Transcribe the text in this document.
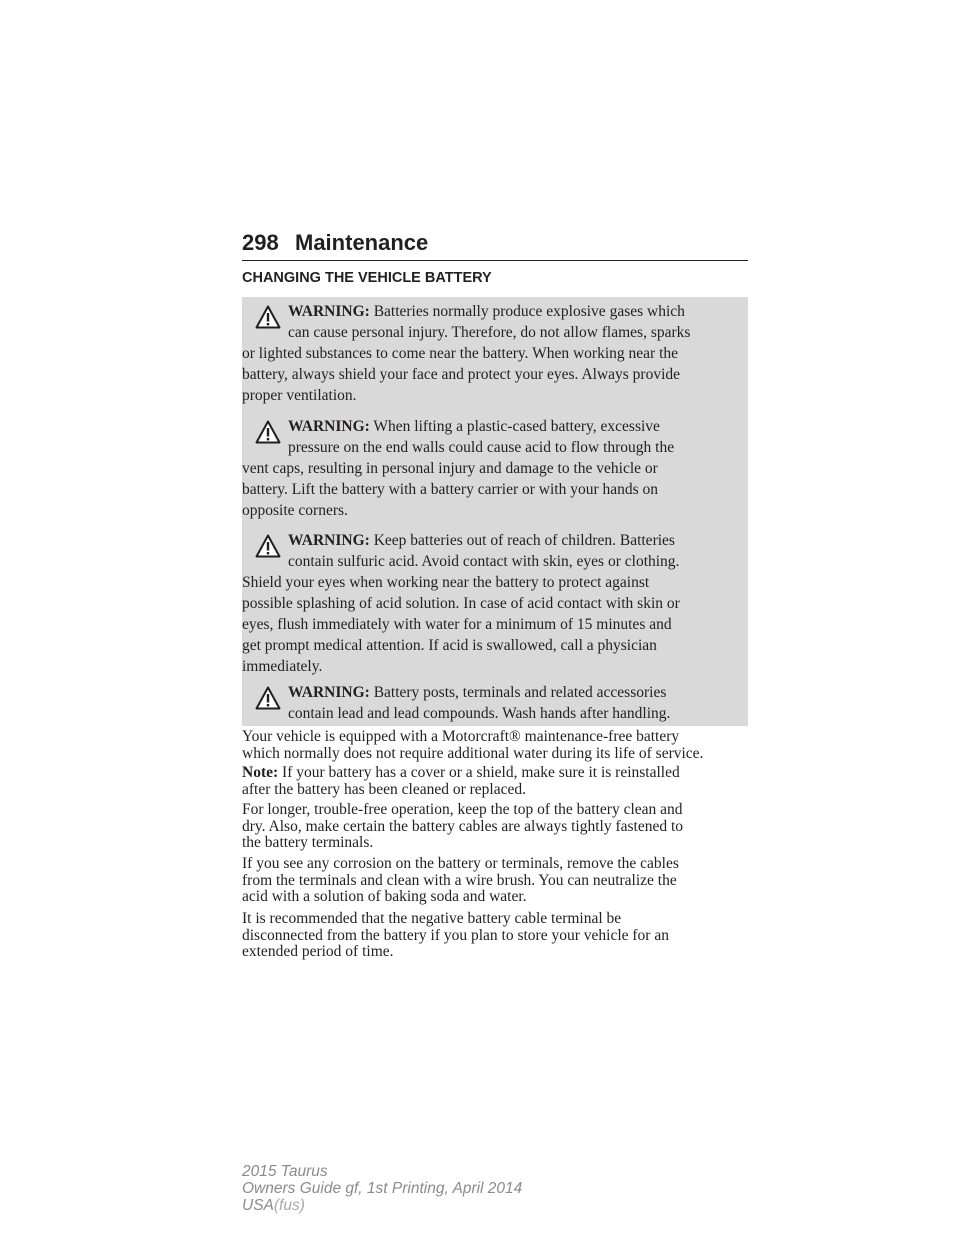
298 Maintenance
CHANGING THE VEHICLE BATTERY
WARNING: Batteries normally produce explosive gases which
can cause personal injury. Therefore, do not allow flames, sparks
or lighted substances to come near the battery. When working near the
battery, always shield your face and protect your eyes. Always provide
proper ventilation.
WARNING: When lifting a plastic-cased battery, excessive
pressure on the end walls could cause acid to flow through the
vent caps, resulting in personal injury and damage to the vehicle or
battery. Lift the battery with a battery carrier or with your hands on
opposite corners.
WARNING: Keep batteries out of reach of children. Batteries
contain sulfuric acid. Avoid contact with skin, eyes or clothing.
Shield your eyes when working near the battery to protect against
possible splashing of acid solution. In case of acid contact with skin or
eyes, flush immediately with water for a minimum of 15 minutes and
get prompt medical attention. If acid is swallowed, call a physician
immediately.
WARNING: Battery posts, terminals and related accessories
contain lead and lead compounds. Wash hands after handling.
Your vehicle is equipped with a Motorcraft® maintenance-free battery
which normally does not require additional water during its life of service.
Note: If your battery has a cover or a shield, make sure it is reinstalled
after the battery has been cleaned or replaced.
For longer, trouble-free operation, keep the top of the battery clean and
dry. Also, make certain the battery cables are always tightly fastened to
the battery terminals.
If you see any corrosion on the battery or terminals, remove the cables
from the terminals and clean with a wire brush. You can neutralize the
acid with a solution of baking soda and water.
It is recommended that the negative battery cable terminal be
disconnected from the battery if you plan to store your vehicle for an
extended period of time.
2015 Taurus
Owners Guide gf, 1st Printing, April 2014
USA(fus)
